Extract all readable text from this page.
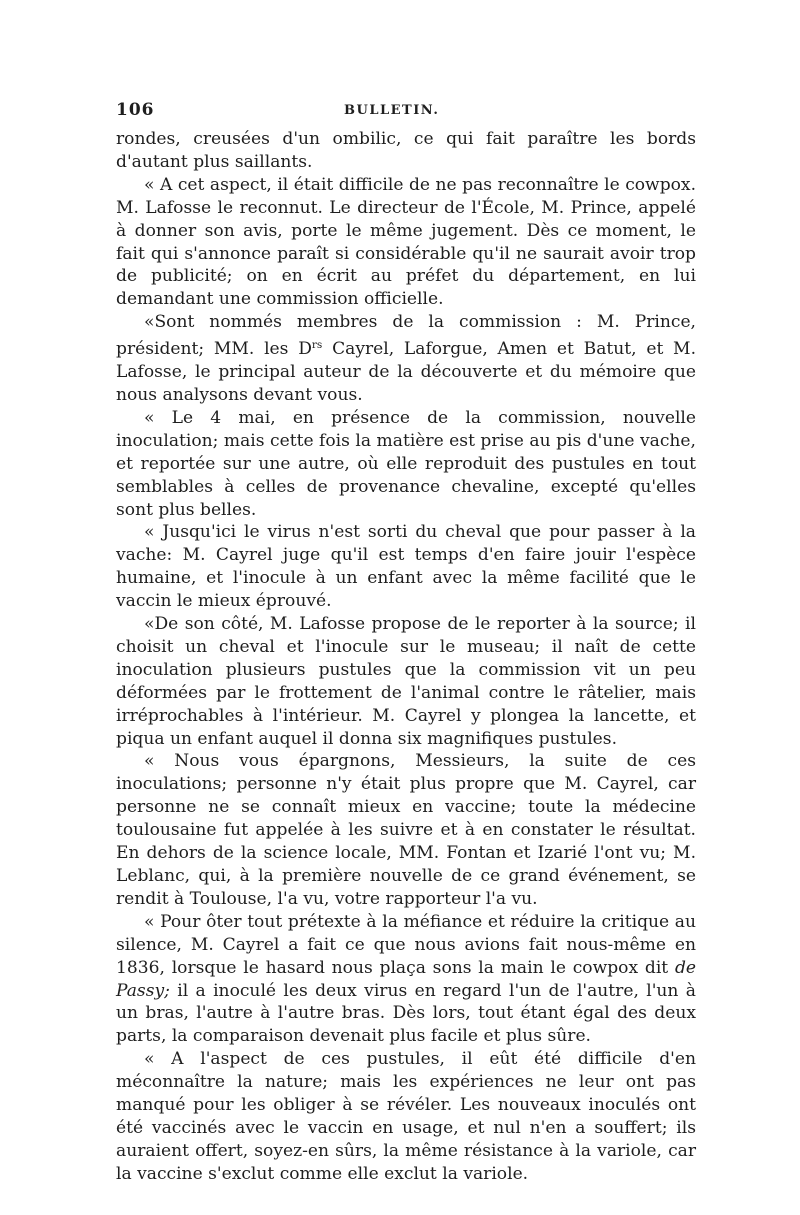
106	BULLETIN.

rondes, creusées d'un ombilic, ce qui fait paraître les bords d'autant plus saillants.

« A cet aspect, il était difficile de ne pas reconnaître le cowpox. M. Lafosse le reconnut. Le directeur de l'École, M. Prince, appelé à donner son avis, porte le même jugement. Dès ce moment, le fait qui s'annonce paraît si considérable qu'il ne saurait avoir trop de publicité; on en écrit au préfet du département, en lui demandant une commission officielle.

«Sont nommés membres de la commission : M. Prince, président; MM. les $D^{rs}$ Cayrel, Laforgue, Amen et Batut, et M. Lafosse, le principal auteur de la découverte et du mémoire que nous analysons devant vous.

« Le 4 mai, en présence de la commission, nouvelle inoculation; mais cette fois la matière est prise au pis d'une vache, et reportée sur une autre, où elle reproduit des pustules en tout semblables à celles de provenance chevaline, excepté qu'elles sont plus belles.

« Jusqu'ici le virus n'est sorti du cheval que pour passer à la vache: M. Cayrel juge qu'il est temps d'en faire jouir l'espèce humaine, et l'inocule à un enfant avec la même facilité que le vaccin le mieux éprouvé.

«De son côté, M. Lafosse propose de le reporter à la source; il choisit un cheval et l'inocule sur le museau; il naît de cette inoculation plusieurs pustules que la commission vit un peu déformées par le frottement de l'animal contre le râtelier, mais irréprochables à l'intérieur. M. Cayrel y plongea la lancette, et piqua un enfant auquel il donna six magnifiques pustules.

« Nous vous épargnons, Messieurs, la suite de ces inoculations; personne n'y était plus propre que M. Cayrel, car personne ne se connaît mieux en vaccine; toute la médecine toulousaine fut appelée à les suivre et à en constater le résultat. En dehors de la science locale, MM. Fontan et Izarié l'ont vu; M. Leblanc, qui, à la première nouvelle de ce grand événement, se rendit à Toulouse, l'a vu, votre rapporteur l'a vu.

« Pour ôter tout prétexte à la méfiance et réduire la critique au silence, M. Cayrel a fait ce que nous avions fait nous-même en 1836, lorsque le hasard nous plaça sons la main le cowpox dit de Passy; il a inoculé les deux virus en regard l'un de l'autre, l'un à un bras, l'autre à l'autre bras. Dès lors, tout étant égal des deux parts, la comparaison devenait plus facile et plus sûre.

« A l'aspect de ces pustules, il eût été difficile d'en méconnaître la nature; mais les expériences ne leur ont pas manqué pour les obliger à se révéler. Les nouveaux inoculés ont été vaccinés avec le vaccin en usage, et nul n'en a souffert; ils auraient offert, soyez-en sûrs, la même résistance à la variole, car la vaccine s'exclut comme elle exclut la variole.
